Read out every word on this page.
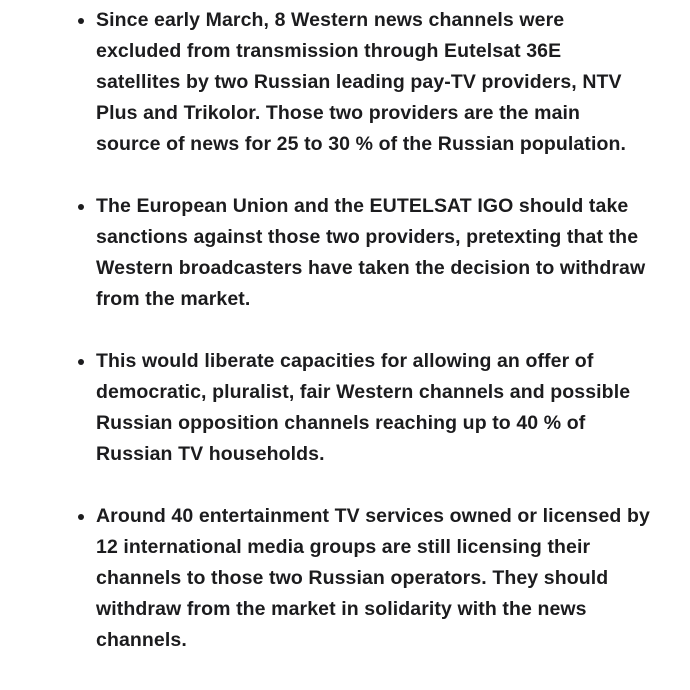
Since early March, 8 Western news channels were excluded from transmission through Eutelsat 36E satellites by two Russian leading pay-TV providers, NTV Plus and Trikolor. Those two providers are the main source of news for 25 to 30 % of the Russian population.
The European Union and the EUTELSAT IGO should take sanctions against those two providers, pretexting that the Western broadcasters have taken the decision to withdraw from the market.
This would liberate capacities for allowing an offer of democratic, pluralist, fair Western channels and possible Russian opposition channels reaching up to 40 % of Russian TV households.
Around 40 entertainment TV services owned or licensed by 12 international media groups are still licensing their channels to those two Russian operators. They should withdraw from the market in solidarity with the news channels.
